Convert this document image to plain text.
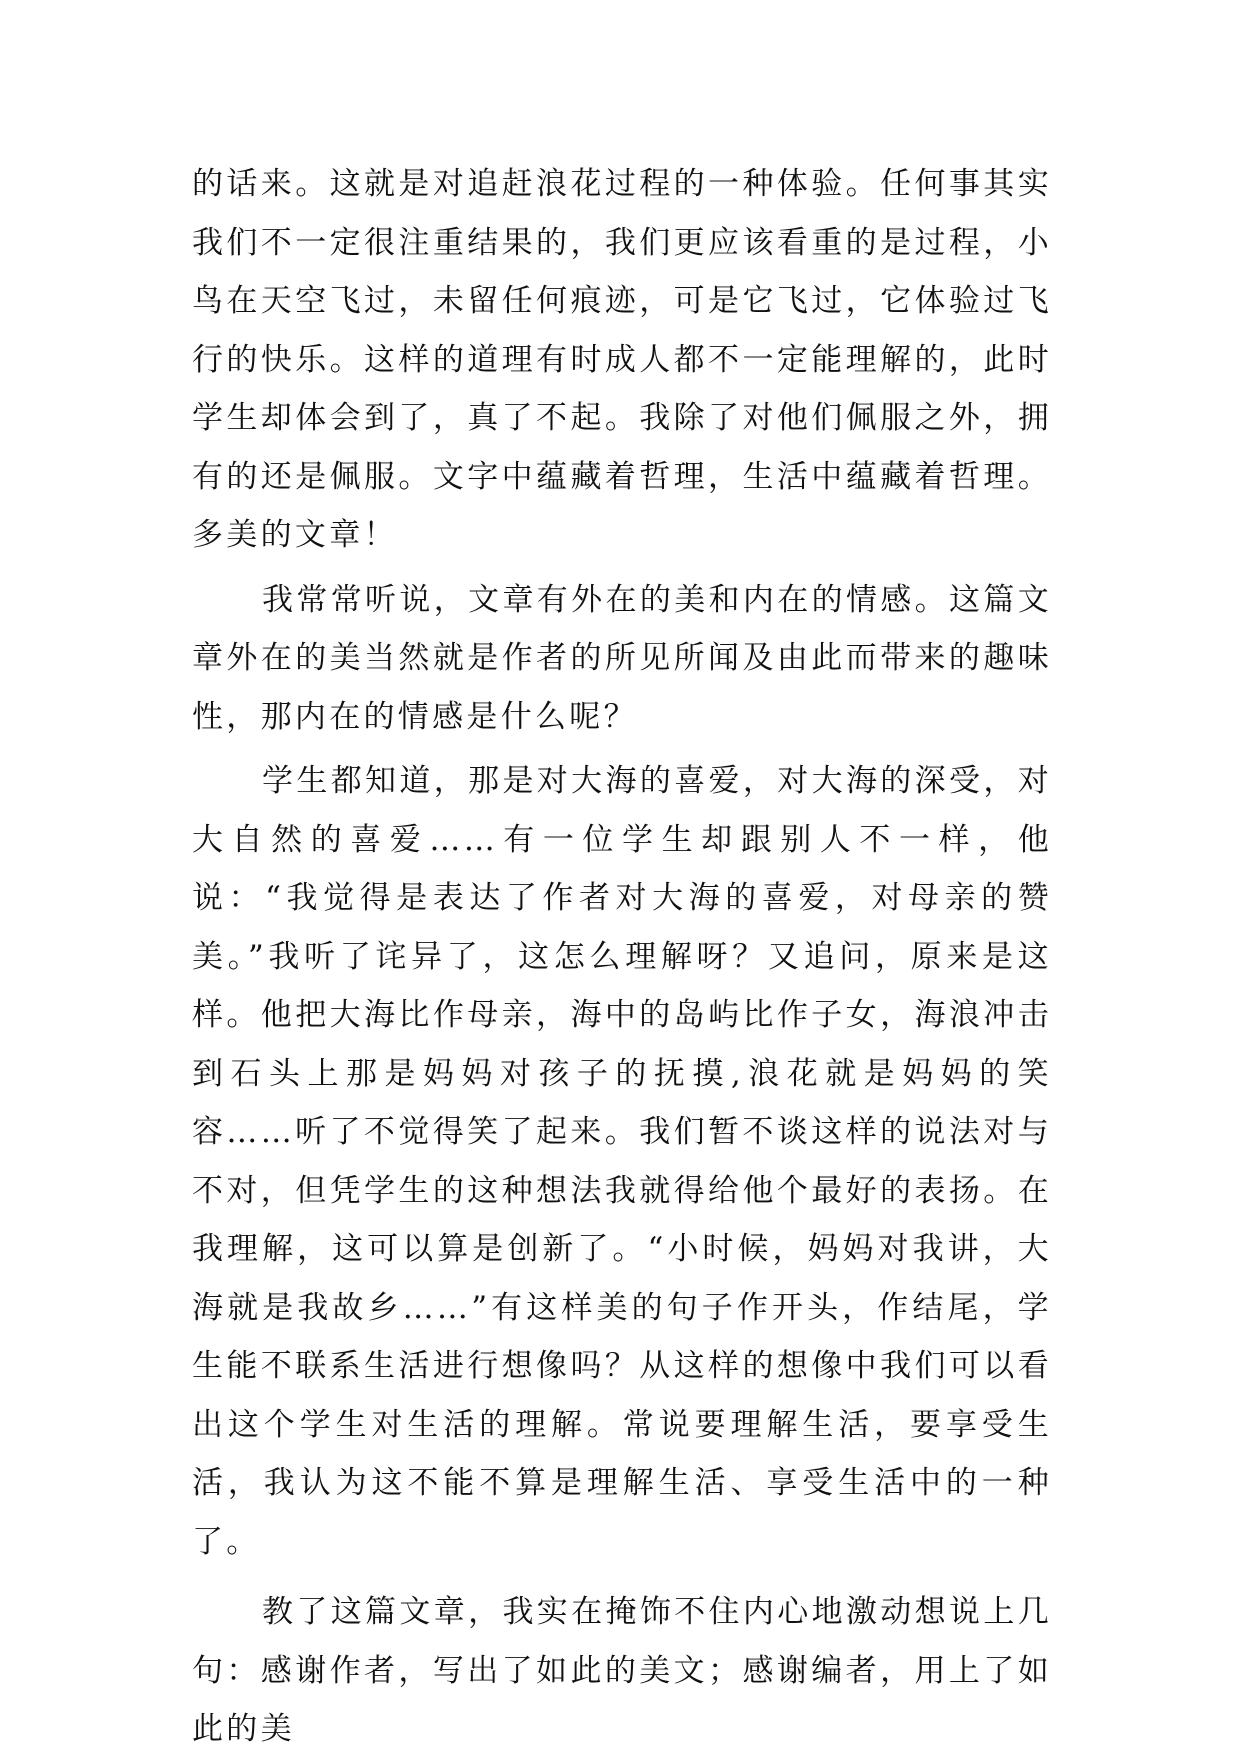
的话来。这就是对追赶浪花过程的一种体验。任何事其实我们不一定很注重结果的，我们更应该看重的是过程，小鸟在天空飞过，未留任何痕迹，可是它飞过，它体验过飞行的快乐。这样的道理有时成人都不一定能理解的，此时学生却体会到了，真了不起。我除了对他们佩服之外，拥有的还是佩服。文字中蕴藏着哲理，生活中蕴藏着哲理。多美的文章！

我常常听说，文章有外在的美和内在的情感。这篇文章外在的美当然就是作者的所见所闻及由此而带来的趣味性，那内在的情感是什么呢？

学生都知道，那是对大海的喜爱，对大海的深受，对大自然的喜爱……有一位学生却跟别人不一样，他说：“我觉得是表达了作者对大海的喜爱，对母亲的赞美。”我听了诧异了，这怎么理解呀？又追问，原来是这样。他把大海比作母亲，海中的岛屿比作子女，海浪冲击到石头上那是妈妈对孩子的抚摸,浪花就是妈妈的笑容……听了不觉得笑了起来。我们暂不谈这样的说法对与不对，但凭学生的这种想法我就得给他个最好的表扬。在我理解，这可以算是创新了。“小时候，妈妈对我讲，大海就是我故乡……”有这样美的句子作开头，作结尾，学生能不联系生活进行想像吗？从这样的想像中我们可以看出这个学生对生活的理解。常说要理解生活，要享受生活，我认为这不能不算是理解生活、享受生活中的一种了。

教了这篇文章，我实在掩饰不住内心地激动想说上几句：感谢作者，写出了如此的美文；感谢编者，用上了如此的美
